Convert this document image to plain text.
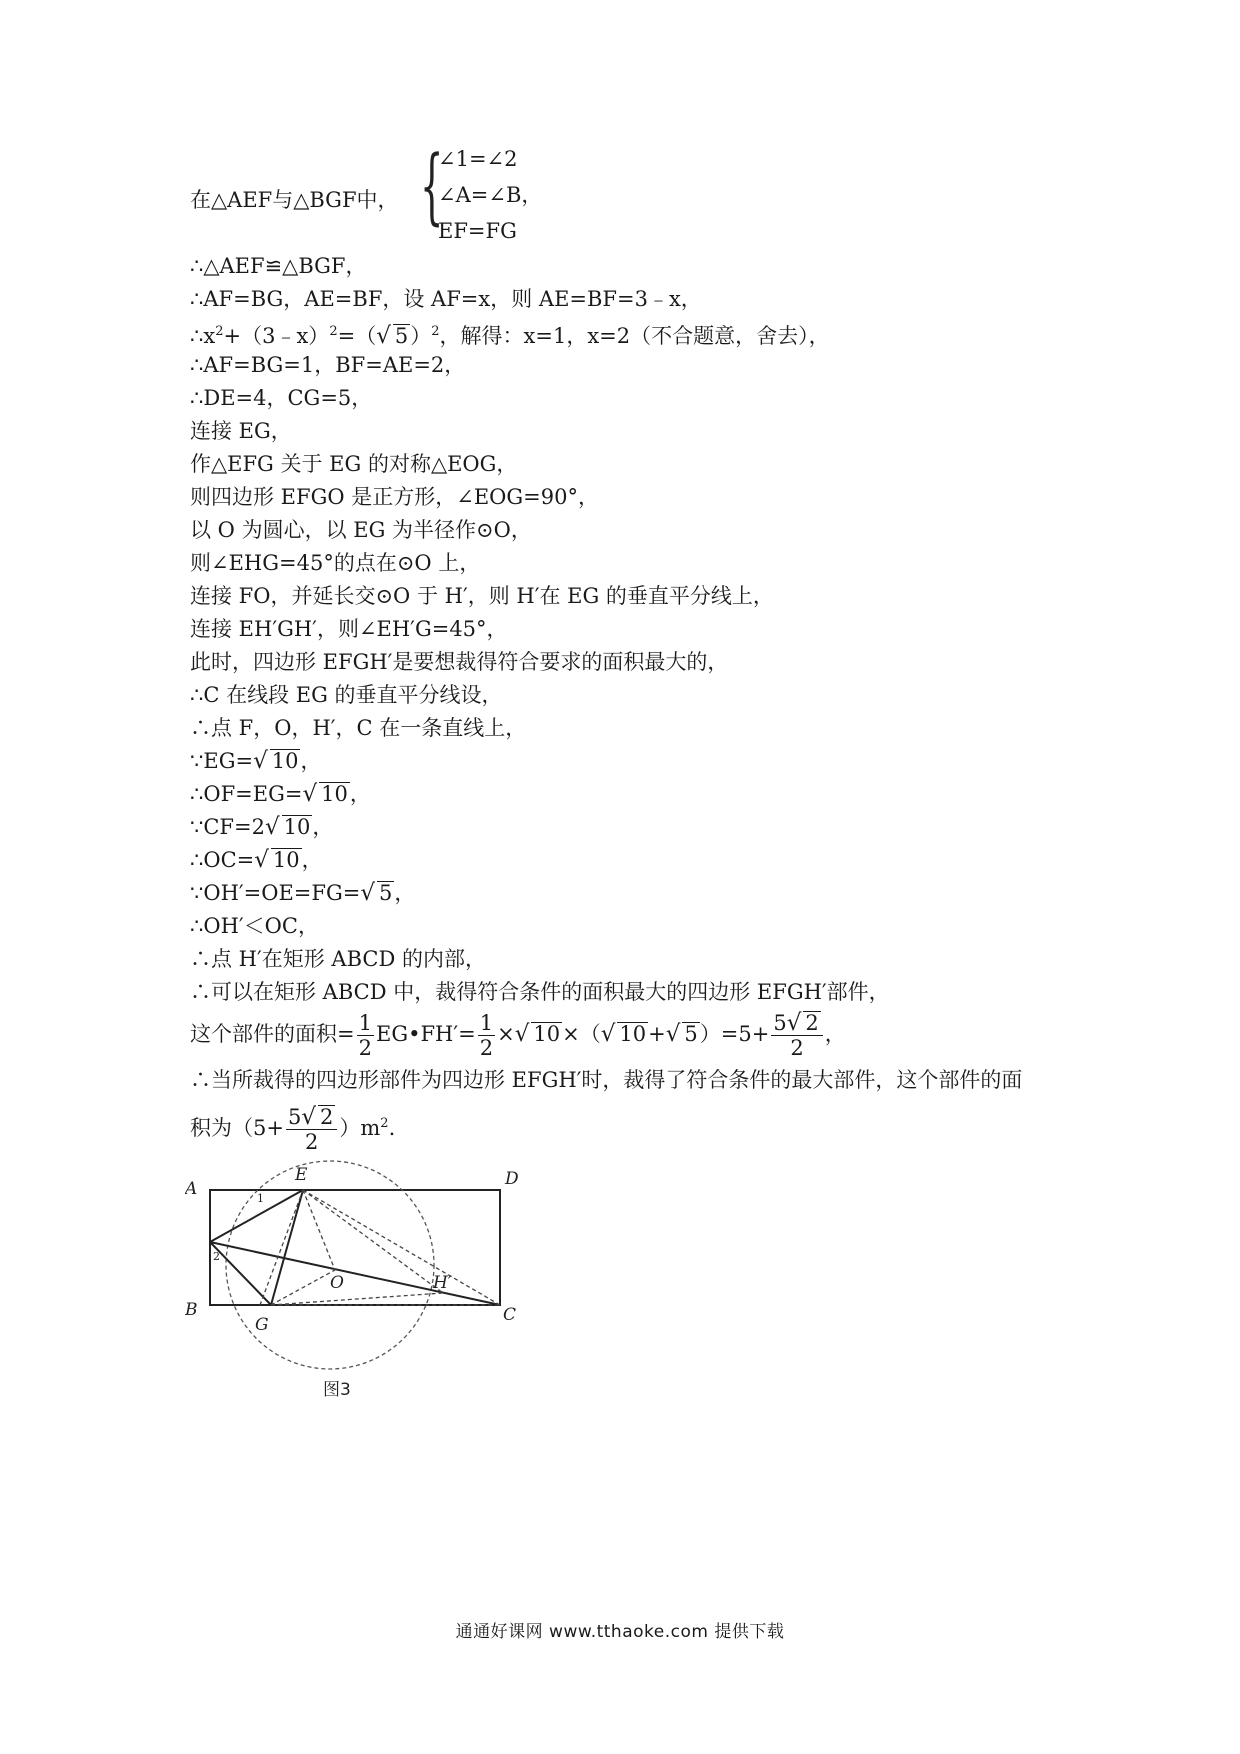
在△AEF与△BGF中， {
∠1=∠2
∠A=∠B，
EF=FG
∴△AEF≌△BGF，
∴AF=BG，AE=BF，设 AF=x，则 AE=BF=3﹣x，
$\therefore x^2+(3﹣x)^2=(√$ 5）$^2$，解得：x=1，x=2（不合题意，舍去），
∴AF=BG=1，BF=AE=2，
∴DE=4，CG=5，
连接 EG，
作△EFG 关于 EG 的对称△EOG，
则四边形 EFGO 是正方形，∠EOG=90°，
以 O 为圆心，以 EG 为半径作⊙O，
则∠EHG=45°的点在⊙O 上，
连接 FO，并延长交⊙O 于 H′，则 H′在 EG 的垂直平分线上，
连接 EH′GH′，则∠EH′G=45°，
此时，四边形 EFGH′是要想裁得符合要求的面积最大的，
∴C 在线段 EG 的垂直平分线设，
∴点 F，O，H′，C 在一条直线上，
∵EG=√ 10，
∴OF=EG=√ 10，
∵CF=2√ 10，
∴OC=√ 10，
∵OH′=OE=FG=√ 5，
∴OH′＜OC，
∴点 H′在矩形 ABCD 的内部，
∴可以在矩形 ABCD 中，裁得符合条件的面积最大的四边形 EFGH′部件，
这个部件的面积= $\frac{1}{2}$ EG•FH′= $\frac{1}{2}$ ×√ 10×（√ 10+√ $5)=5+ \frac{5√ 2}{2}$ ，
∴当所裁得的四边形部件为四边形 EFGH′时，裁得了符合条件的最大部件，这个部件的面
积为$(5+ \frac{5√ 2}{2} )m^2$.
A
E	D
B
G	C
O	H′
1
2
图3
通通好课网 www.tthaoke.com 提供下载
